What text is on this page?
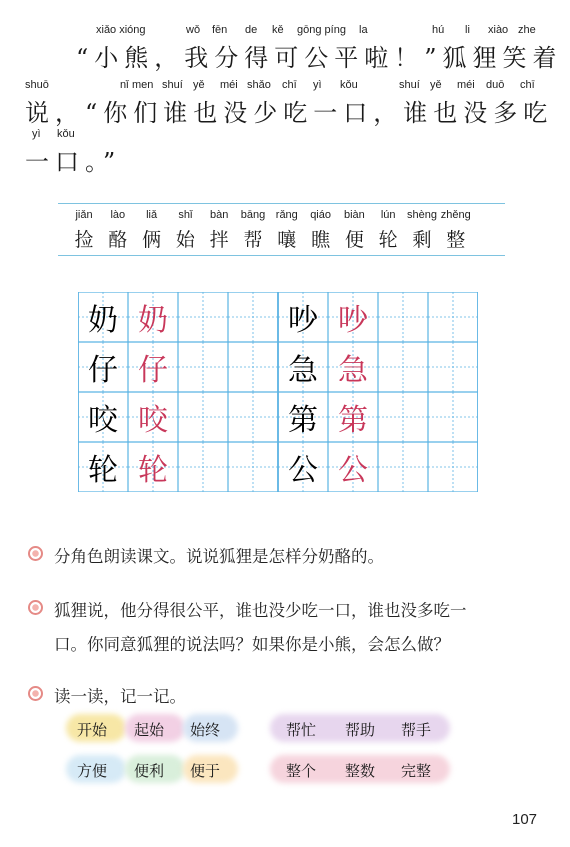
xiǎo xióng	wǒ fēn de kě gōng píng la	hú li xiào zhe
“小熊，我分得可公平啦！”狐狸笑着
shuō	nǐ men shuí yě méi shǎo chī yì kǒu	shuí yě méi duō chī
说，“你们谁也没少吃一口，谁也没多吃
yì kǒu
一口。”
jiǎn
捡
lào
酪
liǎ
俩
shǐ
始
bàn
拌
bāng
帮
rǎng
嚷
qiáo
瞧
biàn
便
lún
轮
shèng
剩
zhěng
整
奶 奶
仔 仔
咬 咬
轮 轮
吵 吵
急 急
第 第
公 公
分角色朗读课文。说说狐狸是怎样分奶酪的。
狐狸说，他分得很公平，谁也没少吃一口，谁也没多吃一
口。你同意狐狸的说法吗？如果你是小熊，会怎么做？
读一读，记一记。
开始 起始 始终	帮忙 帮助 帮手
方便 便利 便于	整个 整数 完整
107
